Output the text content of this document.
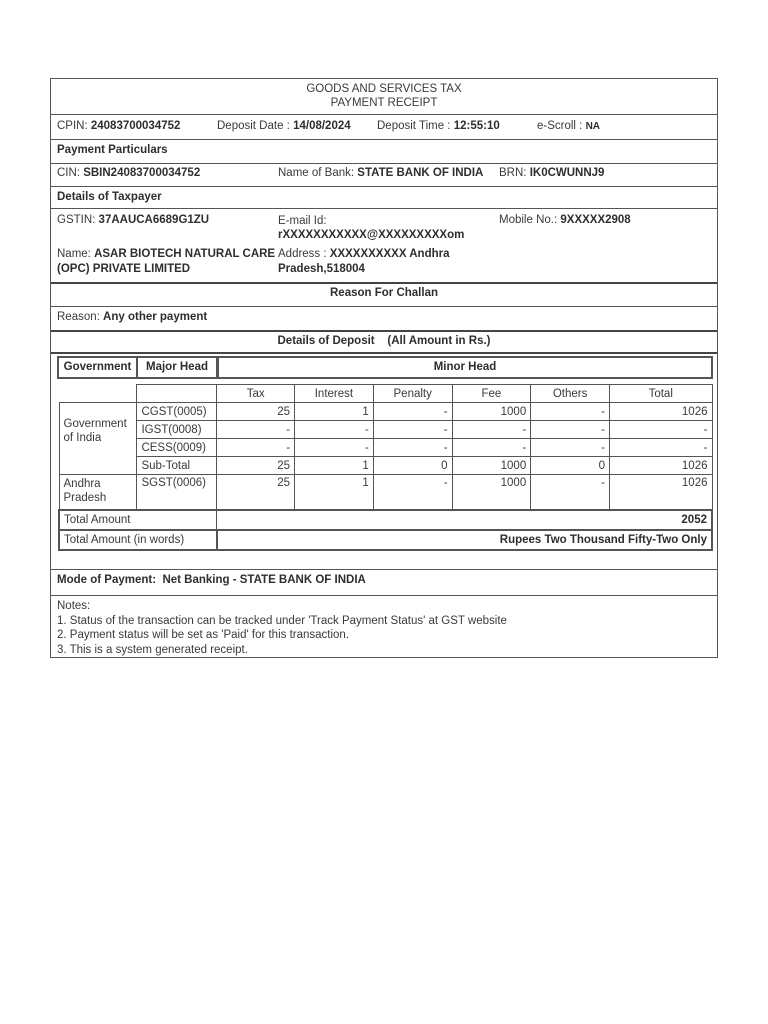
GOODS AND SERVICES TAX
PAYMENT RECEIPT
CPIN: 24083700034752	Deposit Date : 14/08/2024 Deposit Time : 12:55:10	e-Scroll : NA
Payment Particulars
CIN: SBIN24083700034752	Name of Bank: STATE BANK OF INDIA BRN: IK0CWUNNJ9
Details of Taxpayer
GSTIN: 37AAUCA6689G1ZU	E-mail Id:
rXXXXXXXXXXX@XXXXXXXXXom
Mobile No.: 9XXXXX2908
Name: ASAR BIOTECH NATURAL CARE
(OPC) PRIVATE LIMITED
Address : XXXXXXXXXX Andhra
Pradesh,518004
Reason For Challan
Reason: Any other payment
Details of Deposit (All Amount in Rs.)
Government	Major Head	Minor Head
		Tax	Interest	Penalty	Fee	Others	Total
Government of India	CGST(0005)	25	1	-	1000	-	1026
	IGST(0008)	-	-	-	-	-	-
	CESS(0009)	-	-	-	-	-	-
	Sub-Total	25	1	0	1000	0	1026
Andhra Pradesh	SGST(0006)	25	1	-	1000	-	1026
Total Amount		2052					
Total Amount (in words)		Rupees Two Thousand Fifty-Two Only					
Mode of Payment: Net Banking - STATE BANK OF INDIA
Notes:
1. Status of the transaction can be tracked under 'Track Payment Status' at GST website
2. Payment status will be set as 'Paid' for this transaction.
3. This is a system generated receipt.
